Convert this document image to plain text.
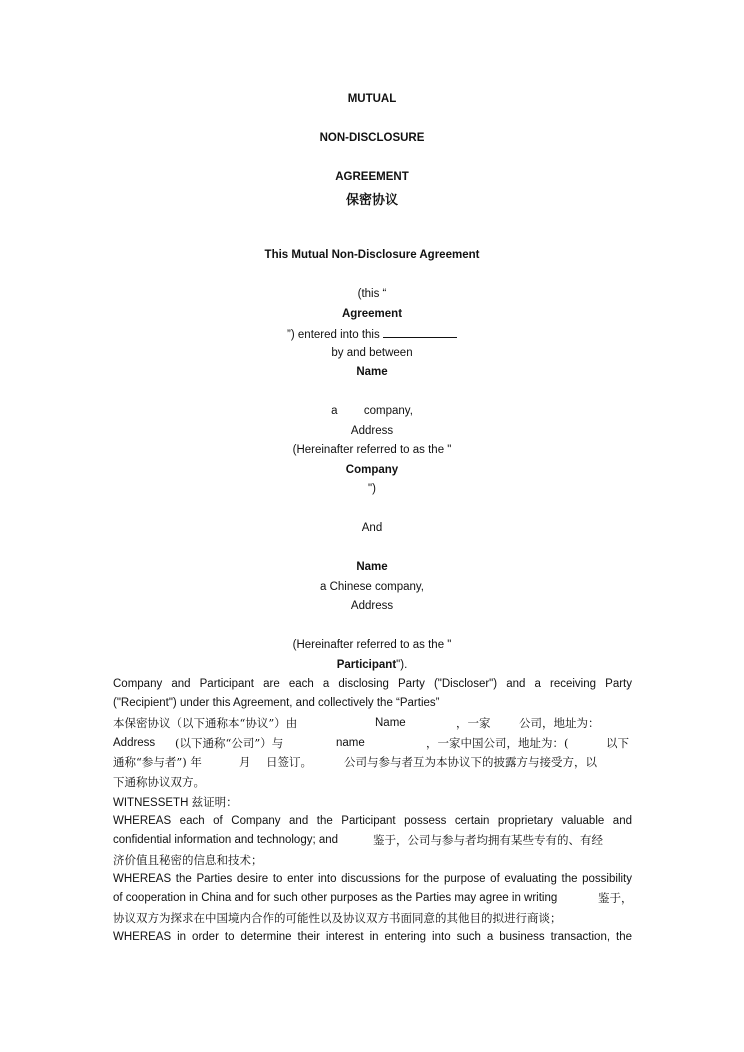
MUTUAL
NON-DISCLOSURE
AGREEMENT
保密协议
This Mutual Non-Disclosure Agreement
(this “
Agreement
”) entered into this
by and between
Name
a company,
Address
(Hereinafter referred to as the "
Company
")
And
Name
a Chinese company,
Address
(Hereinafter referred to as the "
Participant").
Company and Participant are each a disclosing Party ("Discloser") and a receiving Party
("Recipient") under this Agreement, and collectively the “Parties”
本保密协议（以下通称本“协议”）由	Name	，一家 公司，地址为：
Address (以下通称“公司”）与	name	，一家中国公司，地址为：(	以下
通称“参与者”) 年	月 日签订。	公司与参与者互为本协议下的披露方与接受方，以
下通称协议双方。
WITNESSETH 兹证明：
WHEREAS each of Company and the Participant possess certain proprietary valuable and
confidential information and technology; and	鉴于，公司与参与者均拥有某些专有的、有经
济价值且秘密的信息和技术；
WHEREAS the Parties desire to enter into discussions for the purpose of evaluating the possibility
of cooperation in China and for such other purposes as the Parties may agree in writing	鉴于，
协议双方为探求在中国境内合作的可能性以及协议双方书面同意的其他目的拟进行商谈；
WHEREAS in order to determine their interest in entering into such a business transaction, the
